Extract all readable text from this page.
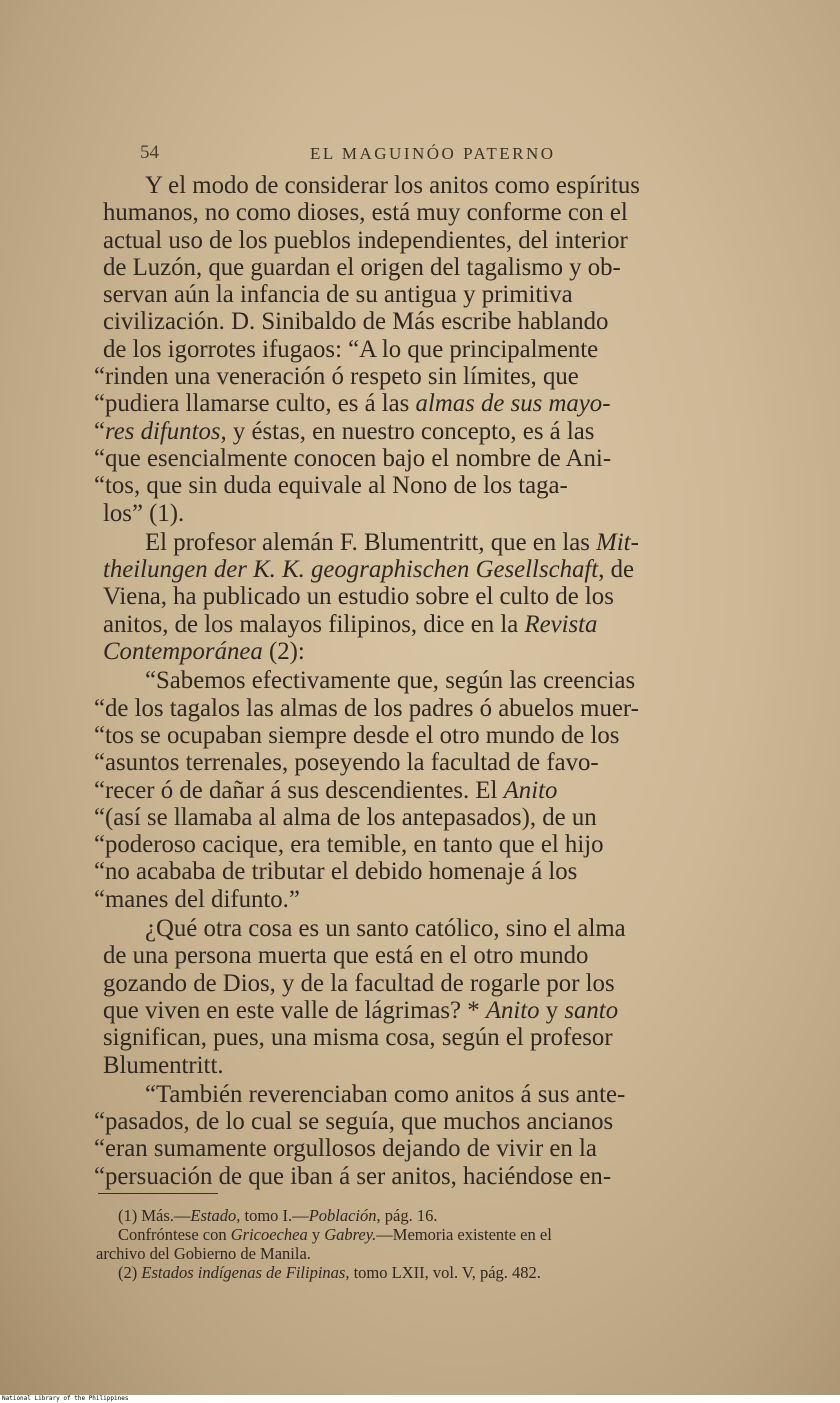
54	EL MAGUINÓO PATERNO
Y el modo de considerar los anitos como espíritus
humanos, no como dioses, está muy conforme con el
actual uso de los pueblos independientes, del interior
de Luzón, que guardan el origen del tagalismo y ob-
servan aún la infancia de su antigua y primitiva
civilización. D. Sinibaldo de Más escribe hablando
de los igorrotes ifugaos: “A lo que principalmente
“rinden una veneración ó respeto sin límites, que
“pudiera llamarse culto, es á las almas de sus mayo-
“res difuntos, y éstas, en nuestro concepto, es á las
“que esencialmente conocen bajo el nombre de Ani-
“tos, que sin duda equivale al Nono de los taga-
los” (1).
El profesor alemán F. Blumentritt, que en las Mit-
theilungen der K. K. geographischen Gesellschaft, de
Viena, ha publicado un estudio sobre el culto de los
anitos, de los malayos filipinos, dice en la Revista
Contemporánea (2):
“Sabemos efectivamente que, según las creencias
“de los tagalos las almas de los padres ó abuelos muer-
“tos se ocupaban siempre desde el otro mundo de los
“asuntos terrenales, poseyendo la facultad de favo-
“recer ó de dañar á sus descendientes. El Anito
“(así se llamaba al alma de los antepasados), de un
“poderoso cacique, era temible, en tanto que el hijo
“no acababa de tributar el debido homenaje á los
“manes del difunto.”
¿Qué otra cosa es un santo católico, sino el alma
de una persona muerta que está en el otro mundo
gozando de Dios, y de la facultad de rogarle por los
que viven en este valle de lágrimas? * Anito y santo
significan, pues, una misma cosa, según el profesor
Blumentritt.
“También reverenciaban como anitos á sus ante-
“pasados, de lo cual se seguía, que muchos ancianos
“eran sumamente orgullosos dejando de vivir en la
“persuación de que iban á ser anitos, haciéndose en-
(1) Más.—Estado, tomo I.—Población, pág. 16.
Confróntese con Gricoechea y Gabrey.—Memoria existente en el
archivo del Gobierno de Manila.
(2) Estados indígenas de Filipinas, tomo LXII, vol. V, pág. 482.
National Library of the Philippines
